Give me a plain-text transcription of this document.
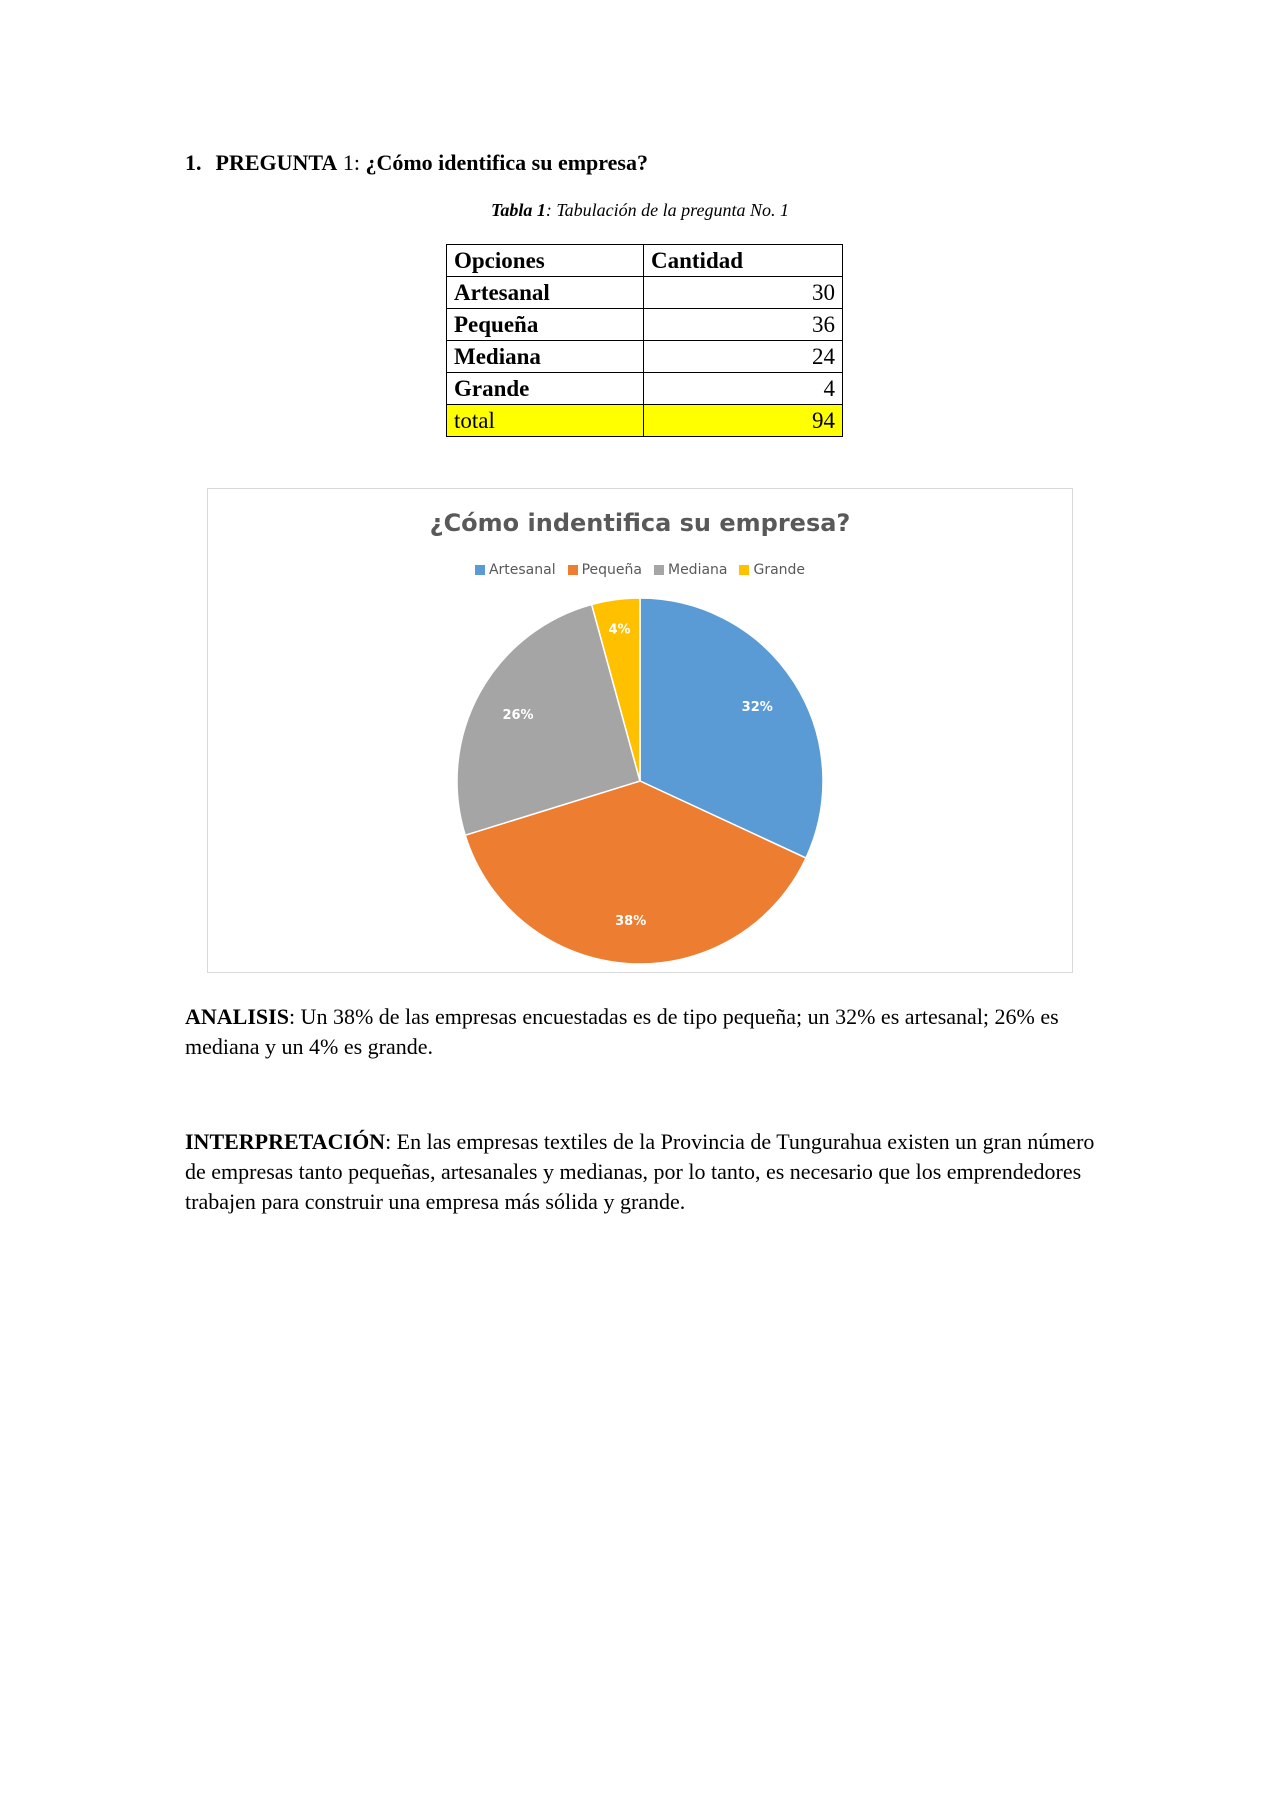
1. PREGUNTA 1: ¿Cómo identifica su empresa?
Tabla 1: Tabulación de la pregunta No. 1
Opciones	Cantidad
Artesanal	30
Pequeña	36
Mediana	24
Grande	4
total	94
¿Cómo indentifica su empresa?
Artesanal Pequeña Mediana Grande
32%
38%
26%
4%

ANALISIS: Un 38% de las empresas encuestadas es de tipo pequeña; un 32% es artesanal; 26% es mediana y un 4% es grande.

INTERPRETACIÓN: En las empresas textiles de la Provincia de Tungurahua existen un gran número de empresas tanto pequeñas, artesanales y medianas, por lo tanto, es necesario que los emprendedores trabajen para construir una empresa más sólida y grande.
